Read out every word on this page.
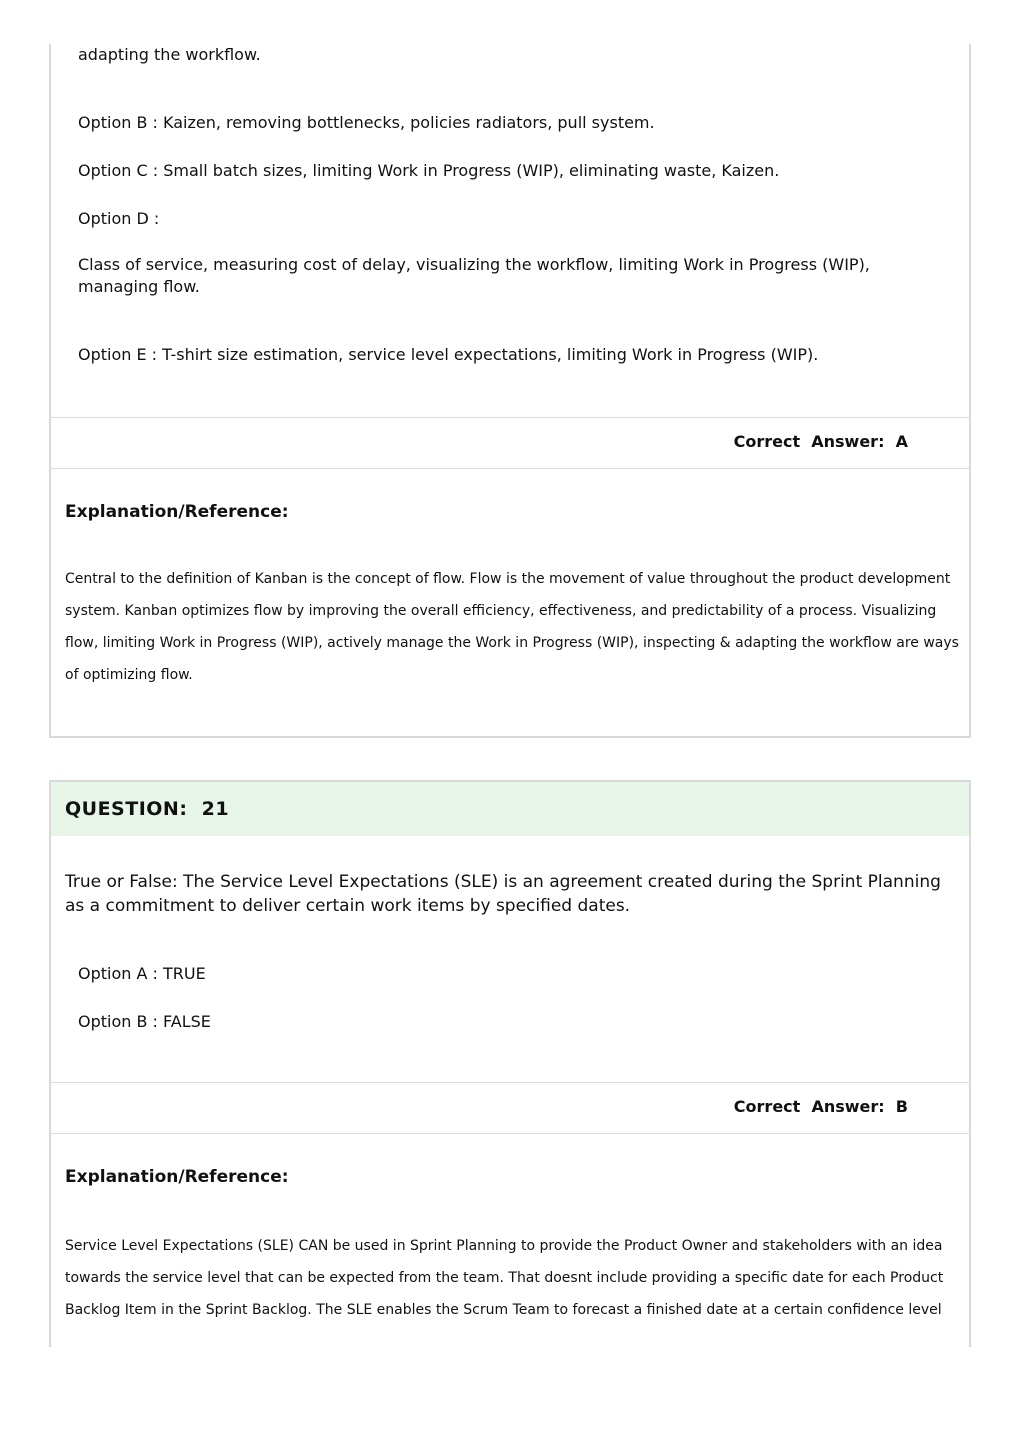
adapting the workflow.

Option B : Kaizen, removing bottlenecks, policies radiators, pull system.

Option C : Small batch sizes, limiting Work in Progress (WIP), eliminating waste, Kaizen.

Option D :

Class of service, measuring cost of delay, visualizing the workflow, limiting Work in Progress (WIP), managing flow.

Option E : T-shirt size estimation, service level expectations, limiting Work in Progress (WIP).

Correct  Answer:  A
Explanation/Reference:

Central to the definition of Kanban is the concept of flow. Flow is the movement of value throughout the product development system. Kanban optimizes flow by improving the overall efficiency, effectiveness, and predictability of a process. Visualizing flow, limiting Work in Progress (WIP), actively manage the Work in Progress (WIP), inspecting & adapting the workflow are ways of optimizing flow.

QUESTION:  21

True or False: The Service Level Expectations (SLE) is an agreement created during the Sprint Planning as a commitment to deliver certain work items by specified dates.

Option A : TRUE

Option B : FALSE

Correct  Answer:  B
Explanation/Reference:

Service Level Expectations (SLE) CAN be used in Sprint Planning to provide the Product Owner and stakeholders with an idea towards the service level that can be expected from the team. That doesnt include providing a specific date for each Product Backlog Item in the Sprint Backlog. The SLE enables the Scrum Team to forecast a finished date at a certain confidence level
